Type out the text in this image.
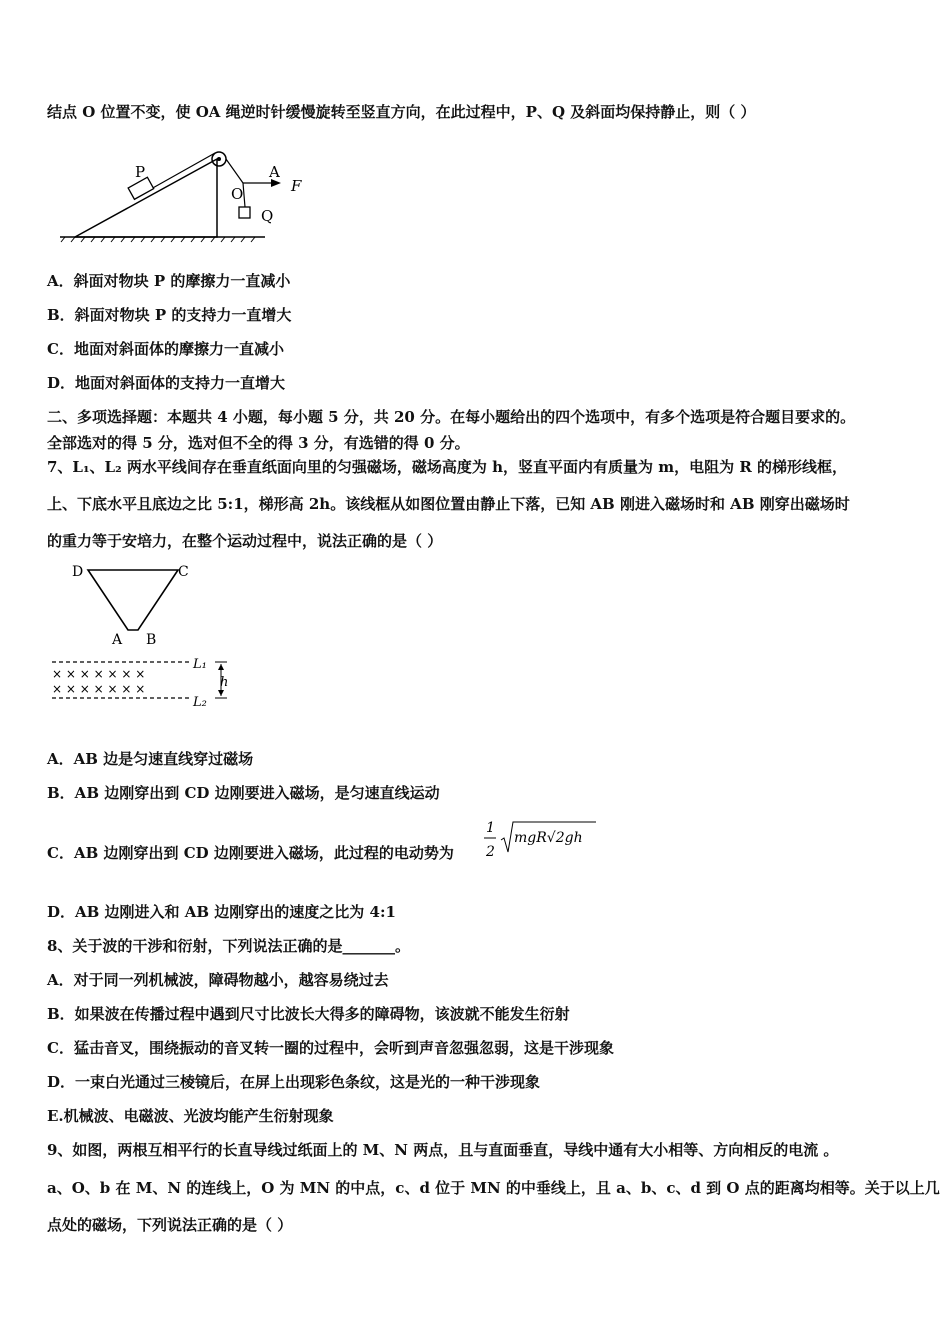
结点 O 位置不变，使 OA 绳逆时针缓慢旋转至竖直方向，在此过程中，P、Q 及斜面均保持静止，则（ ）
P
O
A
F
Q
A．斜面对物块 P 的摩擦力一直减小
B．斜面对物块 P 的支持力一直增大
C．地面对斜面体的摩擦力一直减小
D．地面对斜面体的支持力一直增大
二、多项选择题：本题共 4 小题，每小题 5 分，共 20 分。在每小题给出的四个选项中，有多个选项是符合题目要求的。
全部选对的得 5 分，选对但不全的得 3 分，有选错的得 0 分。
7、L₁、L₂ 两水平线间存在垂直纸面向里的匀强磁场，磁场高度为 h，竖直平面内有质量为 m，电阻为 R 的梯形线框，
上、下底水平且底边之比 5:1，梯形高 2h。该线框从如图位置由静止下落，已知 AB 刚进入磁场时和 AB 刚穿出磁场时
的重力等于安培力，在整个运动过程中，说法正确的是（ ）
D	C
A B
× × × × × × ×
× × × × × × ×
L₁
L₂
h
A．AB 边是匀速直线穿过磁场
B．AB 边刚穿出到 CD 边刚要进入磁场，是匀速直线运动
C．AB 边刚穿出到 CD 边刚要进入磁场，此过程的电动势为
1
2
mgR√2gh
D．AB 边刚进入和 AB 边刚穿出的速度之比为 4:1
8、关于波的干涉和衍射，下列说法正确的是_______。
A．对于同一列机械波，障碍物越小，越容易绕过去
B．如果波在传播过程中遇到尺寸比波长大得多的障碍物，该波就不能发生衍射
C．猛击音叉，围绕振动的音叉转一圈的过程中，会听到声音忽强忽弱，这是干涉现象
D．一束白光通过三棱镜后，在屏上出现彩色条纹，这是光的一种干涉现象
E.机械波、电磁波、光波均能产生衍射现象
9、如图，两根互相平行的长直导线过纸面上的 M、N 两点，且与直面垂直，导线中通有大小相等、方向相反的电流 。
a、O、b 在 M、N 的连线上，O 为 MN 的中点，c、d 位于 MN 的中垂线上，且 a、b、c、d 到 O 点的距离均相等。关于以上几
点处的磁场，下列说法正确的是（ ）
